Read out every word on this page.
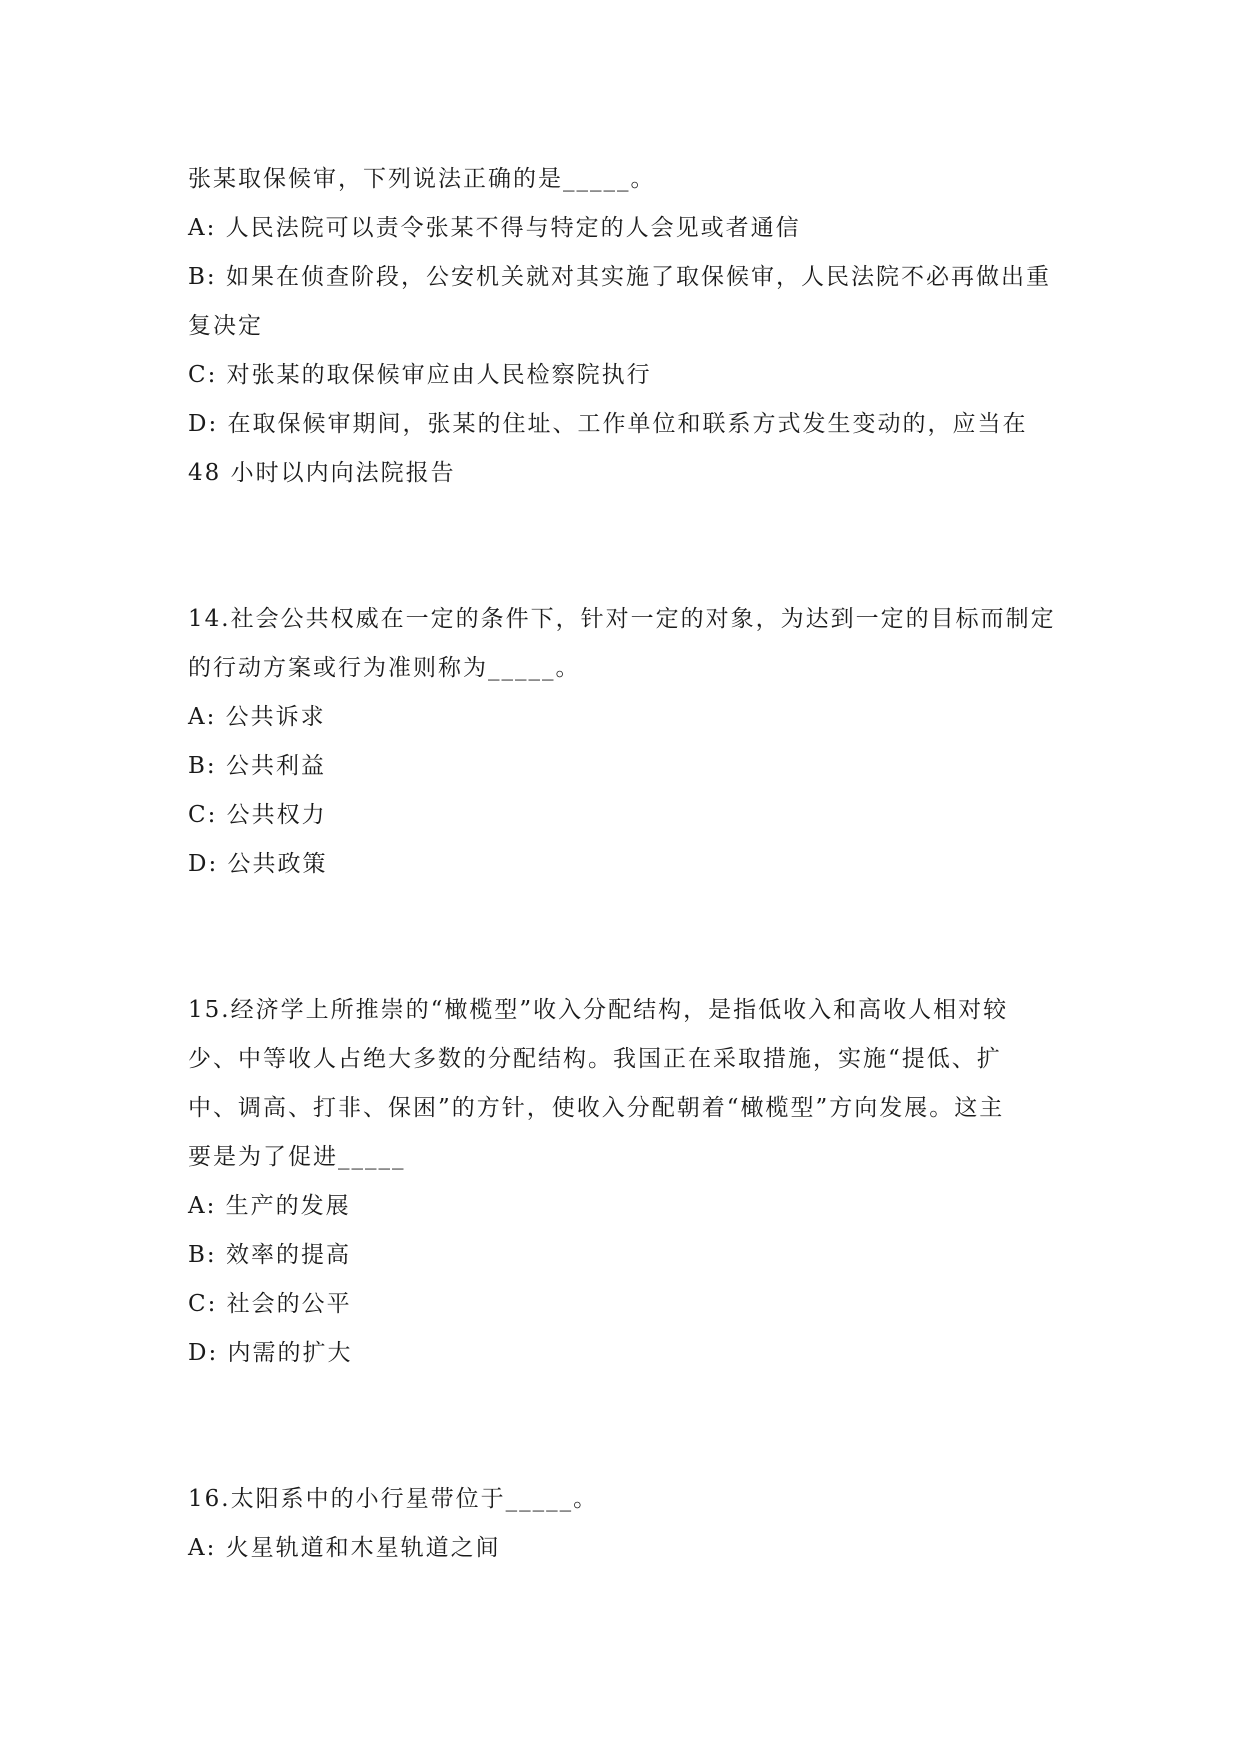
张某取保候审，下列说法正确的是_____。
A: 人民法院可以责令张某不得与特定的人会见或者通信
B: 如果在侦查阶段，公安机关就对其实施了取保候审，人民法院不必再做出重
复决定
C: 对张某的取保候审应由人民检察院执行
D: 在取保候审期间，张某的住址、工作单位和联系方式发生变动的，应当在
48 小时以内向法院报告
14.社会公共权威在一定的条件下，针对一定的对象，为达到一定的目标而制定
的行动方案或行为准则称为_____。
A: 公共诉求
B: 公共利益
C: 公共权力
D: 公共政策
15.经济学上所推崇的“橄榄型”收入分配结构，是指低收入和高收人相对较
少、中等收人占绝大多数的分配结构。我国正在采取措施，实施“提低、扩
中、调高、打非、保困”的方针，使收入分配朝着“橄榄型”方向发展。这主
要是为了促进_____
A: 生产的发展
B: 效率的提高
C: 社会的公平
D: 内需的扩大
16.太阳系中的小行星带位于_____。
A: 火星轨道和木星轨道之间
